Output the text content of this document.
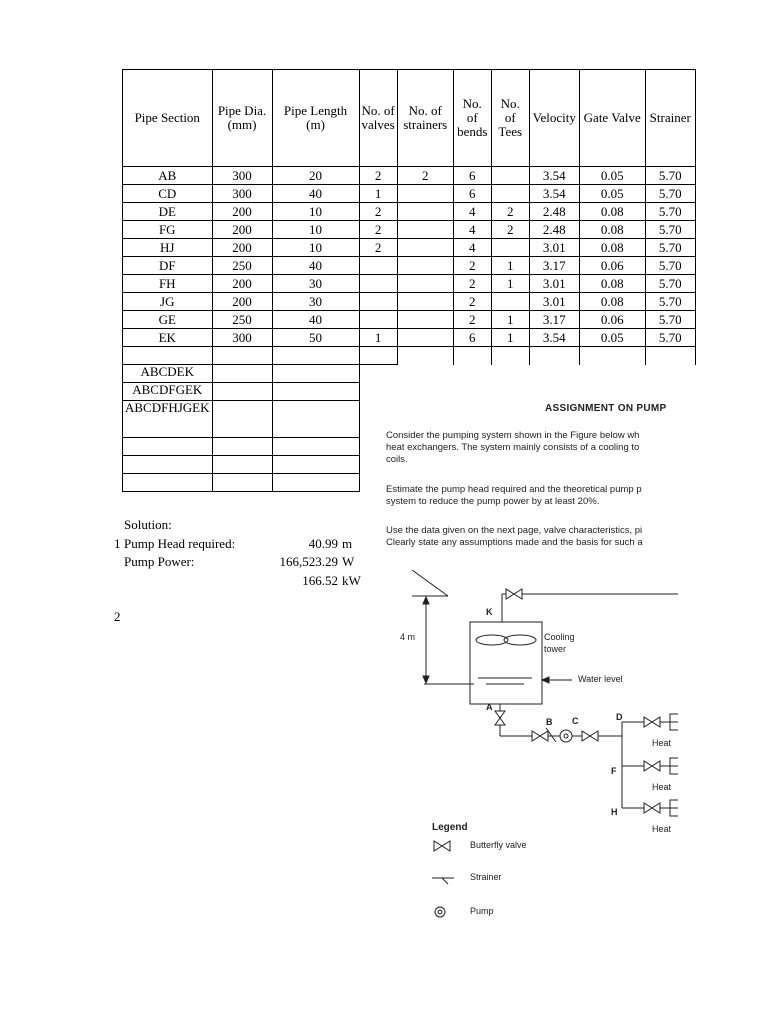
Pipe Section	Pipe Dia. (mm)	Pipe Length (m)	No. of valves	No. of strainers	No. of bends	No. of Tees	Velocity	Gate Valve	Strainer
AB	300	20	2	2	6		3.54	0.05	5.70
CD	300	40	1		6		3.54	0.05	5.70
DE	200	10	2		4	2	2.48	0.08	5.70
FG	200	10	2		4	2	2.48	0.08	5.70
HJ	200	10	2		4		3.01	0.08	5.70
DF	250	40			2	1	3.17	0.06	5.70
FH	200	30			2	1	3.01	0.08	5.70
JG	200	30			2		3.01	0.08	5.70
GE	250	40			2	1	3.17	0.06	5.70
EK	300	50	1		6	1	3.54	0.05	5.70

ABCDEK									
ABCDFGEK									
ABCDFHJGEK									

Solution:
1 Pump Head required:	40.99 m
Pump Power:	166,523.29 W
166.52 kW
2
ASSIGNMENT ON PUMP
Consider the pumping system shown in the Figure below wh
heat exchangers. The system mainly consists of a cooling to
coils.
Estimate the pump head required and the theoretical pump p
system to reduce the pump power by at least 20%.
Use the data given on the next page, valve characteristics, pi
Clearly state any assumptions made and the basis for such a
4 m
K
Cooling
tower
Water level
A
B C	D
F
H
Heat
Heat
Heat
Legend
Butterfly valve
Strainer
Pump
